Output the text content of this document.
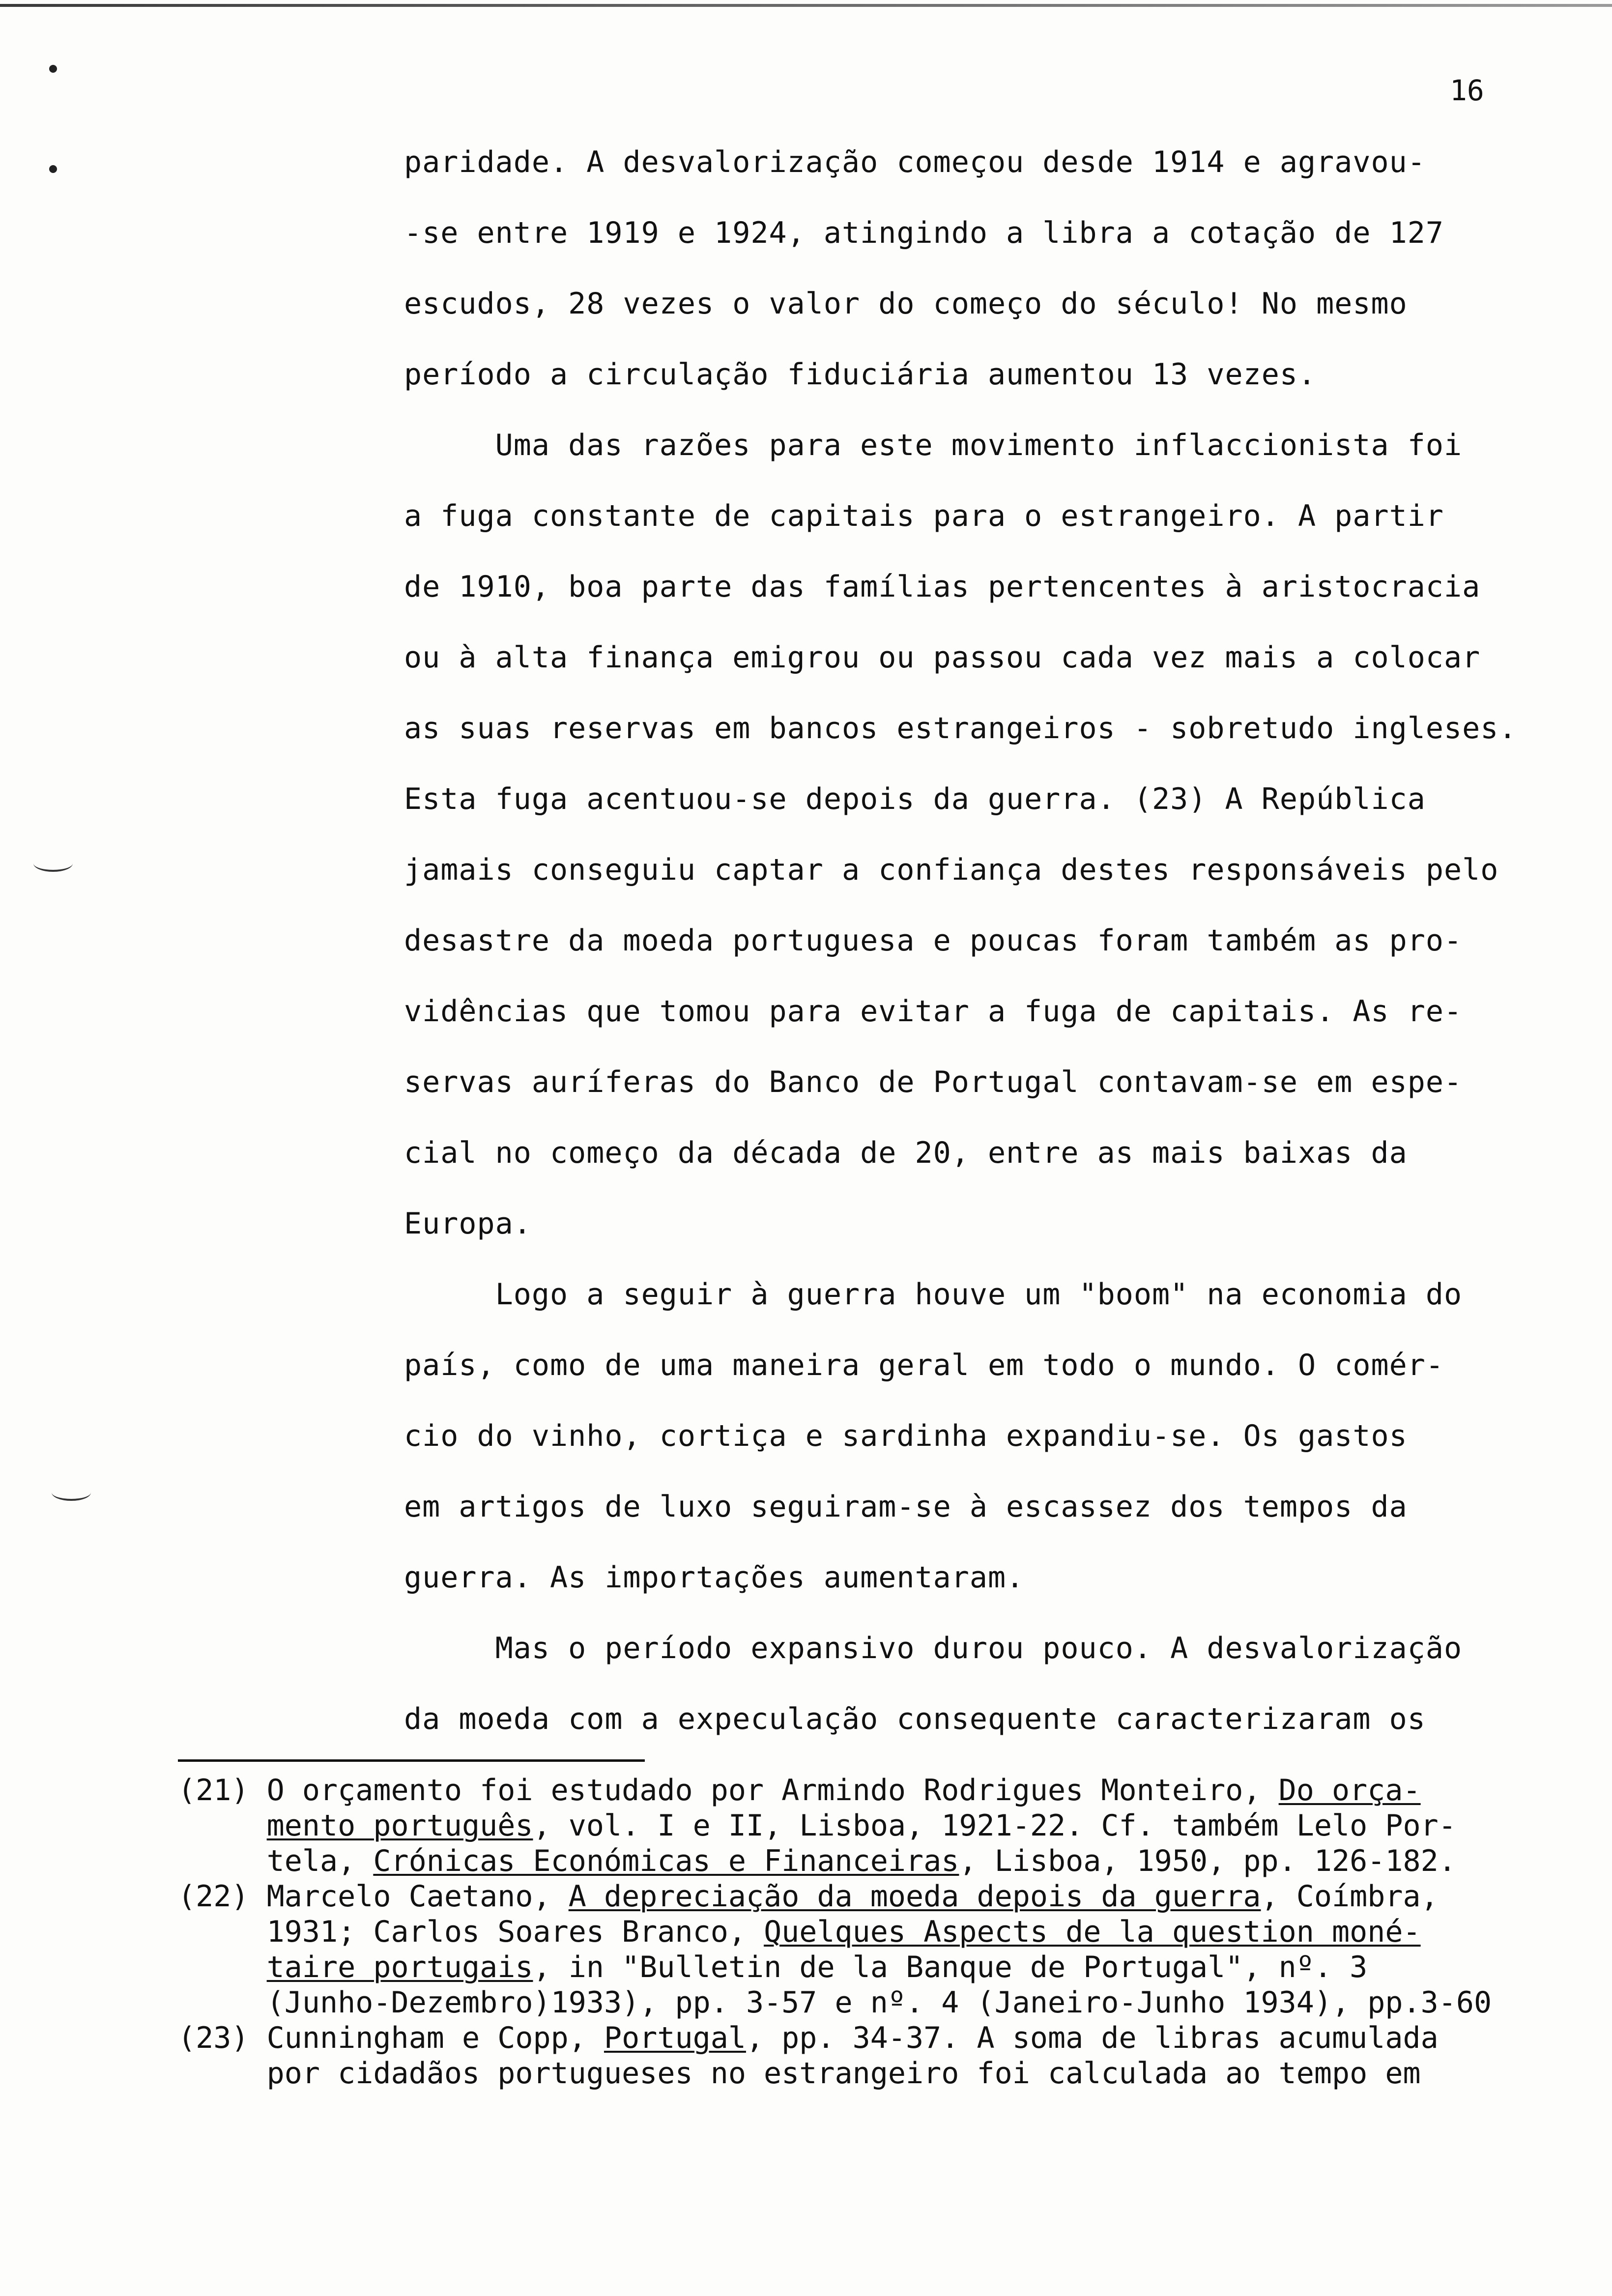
16

paridade. A desvalorização começou desde 1914 e agravou-
-se entre 1919 e 1924, atingindo a libra a cotação de 127
escudos, 28 vezes o valor do começo do século! No mesmo
período a circulação fiduciária aumentou 13 vezes.
Uma das razões para este movimento inflaccionista foi
a fuga constante de capitais para o estrangeiro. A partir
de 1910, boa parte das famílias pertencentes à aristocracia
ou à alta finança emigrou ou passou cada vez mais a colocar
as suas reservas em bancos estrangeiros - sobretudo ingleses.
Esta fuga acentuou-se depois da guerra. (23) A República
jamais conseguiu captar a confiança destes responsáveis pelo
desastre da moeda portuguesa e poucas foram também as pro-
vidências que tomou para evitar a fuga de capitais. As re-
servas auríferas do Banco de Portugal contavam-se em espe-
cial no começo da década de 20, entre as mais baixas da
Europa.
Logo a seguir à guerra houve um "boom" na economia do
país, como de uma maneira geral em todo o mundo. O comér-
cio do vinho, cortiça e sardinha expandiu-se. Os gastos
em artigos de luxo seguiram-se à escassez dos tempos da
guerra. As importações aumentaram.
Mas o período expansivo durou pouco. A desvalorização
da moeda com a expeculação consequente caracterizaram os
(21) O orçamento foi estudado por Armindo Rodrigues Monteiro, Do orça-
mento português, vol. I e II, Lisboa, 1921-22. Cf. também Lelo Por-
tela, Crónicas Económicas e Financeiras, Lisboa, 1950, pp. 126-182.
(22) Marcelo Caetano, A depreciação da moeda depois da guerra, Coímbra,
1931; Carlos Soares Branco, Quelques Aspects de la question moné-
taire portugais, in "Bulletin de la Banque de Portugal", nº. 3
(Junho-Dezembro)1933), pp. 3-57 e nº. 4 (Janeiro-Junho 1934), pp.3-60
(23) Cunningham e Copp, Portugal, pp. 34-37. A soma de libras acumulada
por cidadãos portugueses no estrangeiro foi calculada ao tempo em
